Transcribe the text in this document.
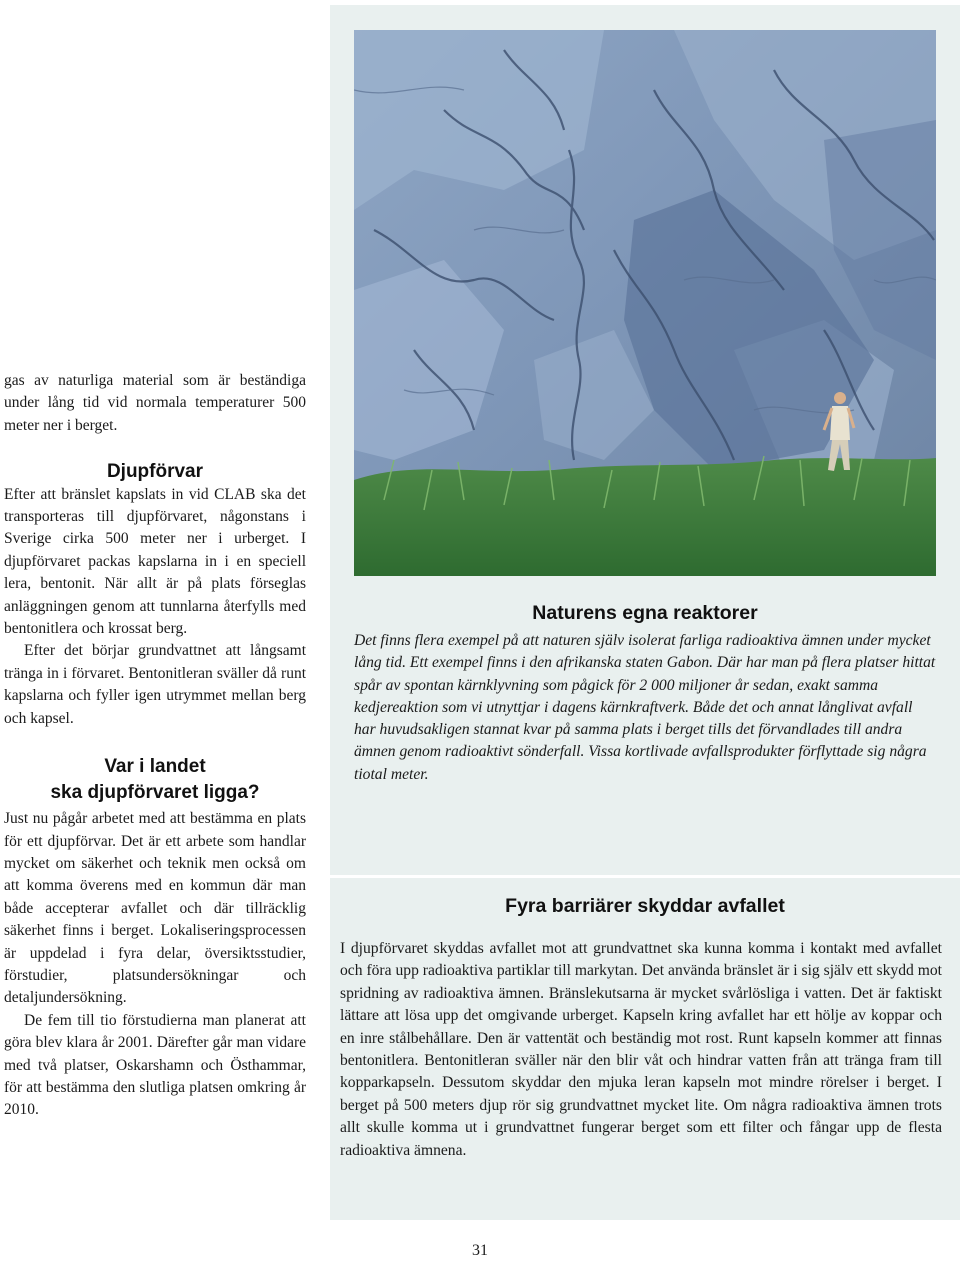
gas av naturliga material som är beständiga under lång tid vid normala temperaturer 500 meter ner i berget.

Djupförvar

Efter att bränslet kapslats in vid CLAB ska det transporteras till djupförvaret, någonstans i Sverige cirka 500 meter ner i urberget. I djupförvaret packas kapslarna in i en speciell lera, bentonit. När allt är på plats förseglas anläggningen genom att tunnlarna återfylls med bentonitlera och krossat berg.

Efter det börjar grundvattnet att långsamt tränga in i förvaret. Bentonitleran sväller då runt kapslarna och fyller igen utrymmet mellan berg och kapsel.

Var i landet
ska djupförvaret ligga?

Just nu pågår arbetet med att bestämma en plats för ett djupförvar. Det är ett arbete som handlar mycket om säkerhet och teknik men också om att komma överens med en kommun där man både accepterar avfallet och där tillräcklig säkerhet finns i berget. Lokaliseringsprocessen är uppdelad i fyra delar, översiktsstudier, förstudier, platsundersökningar och detaljundersökning.

De fem till tio förstudierna man planerat att göra blev klara år 2001. Därefter går man vidare med två platser, Oskarshamn och Östhammar, för att bestämma den slutliga platsen omkring år 2010.

Naturens egna reaktorer
Det finns flera exempel på att naturen själv isolerat farliga radioaktiva ämnen under mycket lång tid. Ett exempel finns i den afrikanska staten Gabon. Där har man på flera platser hittat spår av spontan kärnklyvning som pågick för 2 000 miljoner år sedan, exakt samma kedjereaktion som vi utnyttjar i dagens kärnkraftverk. Både det och annat långlivat avfall har huvudsakligen stannat kvar på samma plats i berget tills det förvandlades till andra ämnen genom radioaktivt sönderfall. Vissa kortlivade avfallsprodukter förflyttade sig några tiotal meter.
Fyra barriärer skyddar avfallet
I djupförvaret skyddas avfallet mot att grundvattnet ska kunna komma i kontakt med avfallet och föra upp radioaktiva partiklar till markytan. Det använda bränslet är i sig själv ett skydd mot spridning av radioaktiva ämnen. Bränslekutsarna är mycket svårlösliga i vatten. Det är faktiskt lättare att lösa upp det omgivande urberget. Kapseln kring avfallet har ett hölje av koppar och en inre stålbehållare. Den är vattentät och beständig mot rost. Runt kapseln kommer att finnas bentonitlera. Bentonitleran sväller när den blir våt och hindrar vatten från att tränga fram till kopparkapseln. Dessutom skyddar den mjuka leran kapseln mot mindre rörelser i berget. I berget på 500 meters djup rör sig grundvattnet mycket lite. Om några radioaktiva ämnen trots allt skulle komma ut i grundvattnet fungerar berget som ett filter och fångar upp de flesta radioaktiva ämnena.
31
